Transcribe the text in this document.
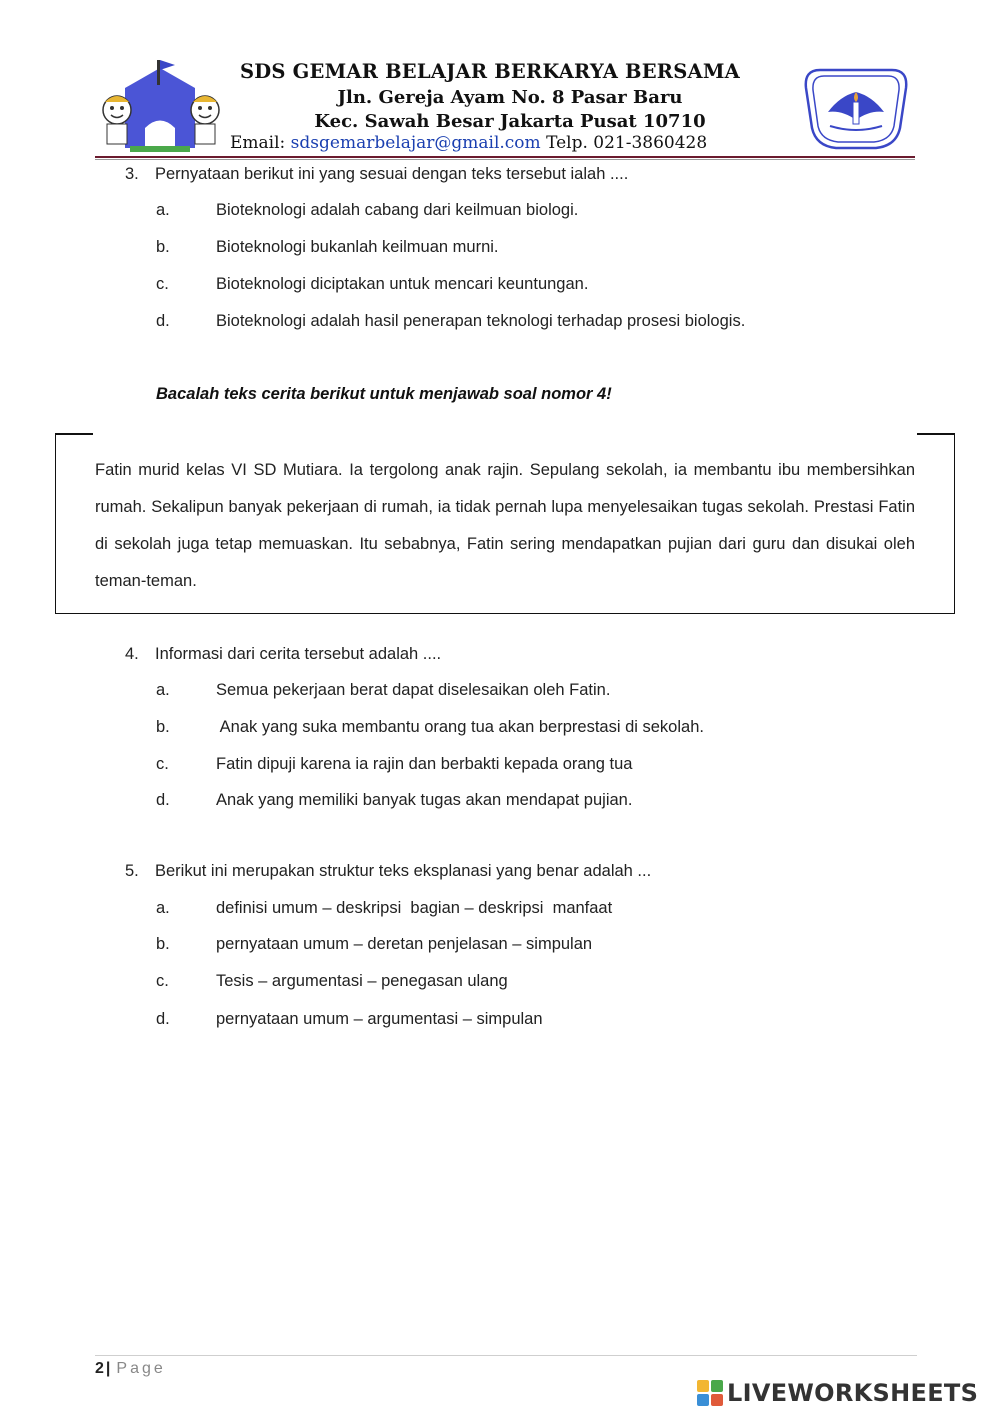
SDS GEMAR BELAJAR BERKARYA BERSAMA
Jln. Gereja Ayam No. 8 Pasar Baru
Kec. Sawah Besar Jakarta Pusat 10710
Email: sdsgemarbelajar@gmail.com Telp. 021-3860428
3. Pernyataan berikut ini yang sesuai dengan teks tersebut ialah ....
a.	Bioteknologi adalah cabang dari keilmuan biologi.
b.	Bioteknologi bukanlah keilmuan murni.
c.	Bioteknologi diciptakan untuk mencari keuntungan.
d.	Bioteknologi adalah hasil penerapan teknologi terhadap prosesi biologis.
Bacalah teks cerita berikut untuk menjawab soal nomor 4!
Fatin murid kelas VI SD Mutiara. Ia tergolong anak rajin. Sepulang sekolah, ia membantu ibu membersihkan rumah. Sekalipun banyak pekerjaan di rumah, ia tidak pernah lupa menyelesaikan tugas sekolah. Prestasi Fatin di sekolah juga tetap memuaskan. Itu sebabnya, Fatin sering mendapatkan pujian dari guru dan disukai oleh teman-teman.
4. Informasi dari cerita tersebut adalah ....
a.	Semua pekerjaan berat dapat diselesaikan oleh Fatin.
b.	Anak yang suka membantu orang tua akan berprestasi di sekolah.
c.	Fatin dipuji karena ia rajin dan berbakti kepada orang tua
d.	Anak yang memiliki banyak tugas akan mendapat pujian.
5. Berikut ini merupakan struktur teks eksplanasi yang benar adalah ...
a.	definisi umum – deskripsi  bagian – deskripsi  manfaat
b.	pernyataan umum – deretan penjelasan – simpulan
c.	Tesis – argumentasi – penegasan ulang
d.	pernyataan umum – argumentasi – simpulan
2 | Page
LIVEWORKSHEETS
